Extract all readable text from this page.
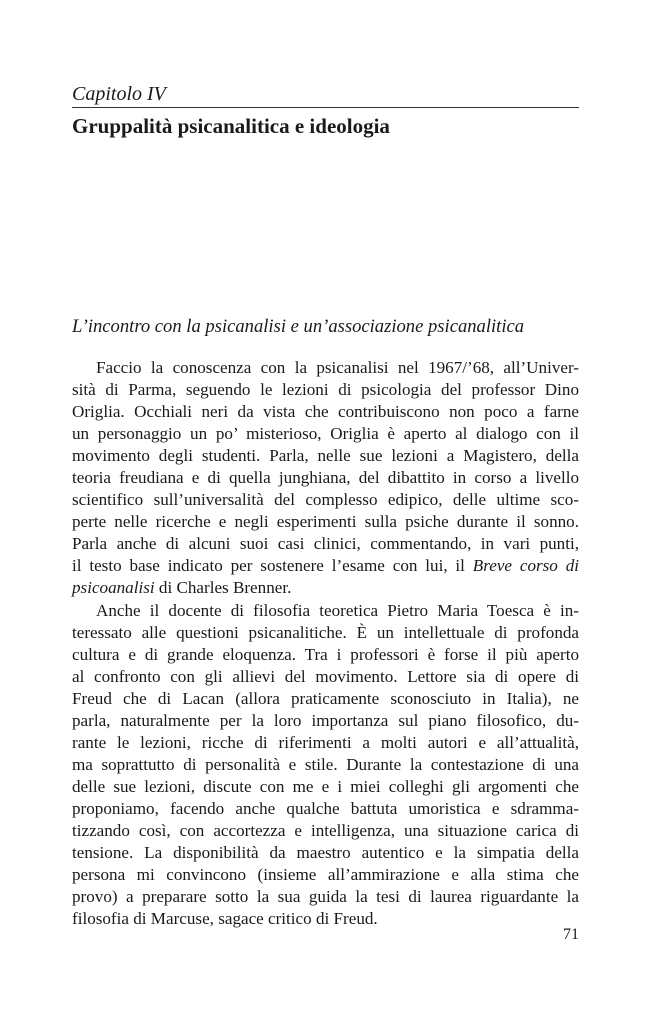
Capitolo IV
Gruppalità psicanalitica e ideologia
L’incontro con la psicanalisi e un’associazione psicanalitica
Faccio la conoscenza con la psicanalisi nel 1967/’68, all’Univer-
sità di Parma, seguendo le lezioni di psicologia del professor Dino
Origlia. Occhiali neri da vista che contribuiscono non poco a farne
un personaggio un po’ misterioso, Origlia è aperto al dialogo con il
movimento degli studenti. Parla, nelle sue lezioni a Magistero, della
teoria freudiana e di quella junghiana, del dibattito in corso a livello
scientifico sull’universalità del complesso edipico, delle ultime sco-
perte nelle ricerche e negli esperimenti sulla psiche durante il sonno.
Parla anche di alcuni suoi casi clinici, commentando, in vari punti,
il testo base indicato per sostenere l’esame con lui, il Breve corso di
psicoanalisi di Charles Brenner.
Anche il docente di filosofia teoretica Pietro Maria Toesca è in-
teressato alle questioni psicanalitiche. È un intellettuale di profonda
cultura e di grande eloquenza. Tra i professori è forse il più aperto
al confronto con gli allievi del movimento. Lettore sia di opere di
Freud che di Lacan (allora praticamente sconosciuto in Italia), ne
parla, naturalmente per la loro importanza sul piano filosofico, du-
rante le lezioni, ricche di riferimenti a molti autori e all’attualità,
ma soprattutto di personalità e stile. Durante la contestazione di una
delle sue lezioni, discute con me e i miei colleghi gli argomenti che
proponiamo, facendo anche qualche battuta umoristica e sdramma-
tizzando così, con accortezza e intelligenza, una situazione carica di
tensione. La disponibilità da maestro autentico e la simpatia della
persona mi convincono (insieme all’ammirazione e alla stima che
provo) a preparare sotto la sua guida la tesi di laurea riguardante la
filosofia di Marcuse, sagace critico di Freud.
71
